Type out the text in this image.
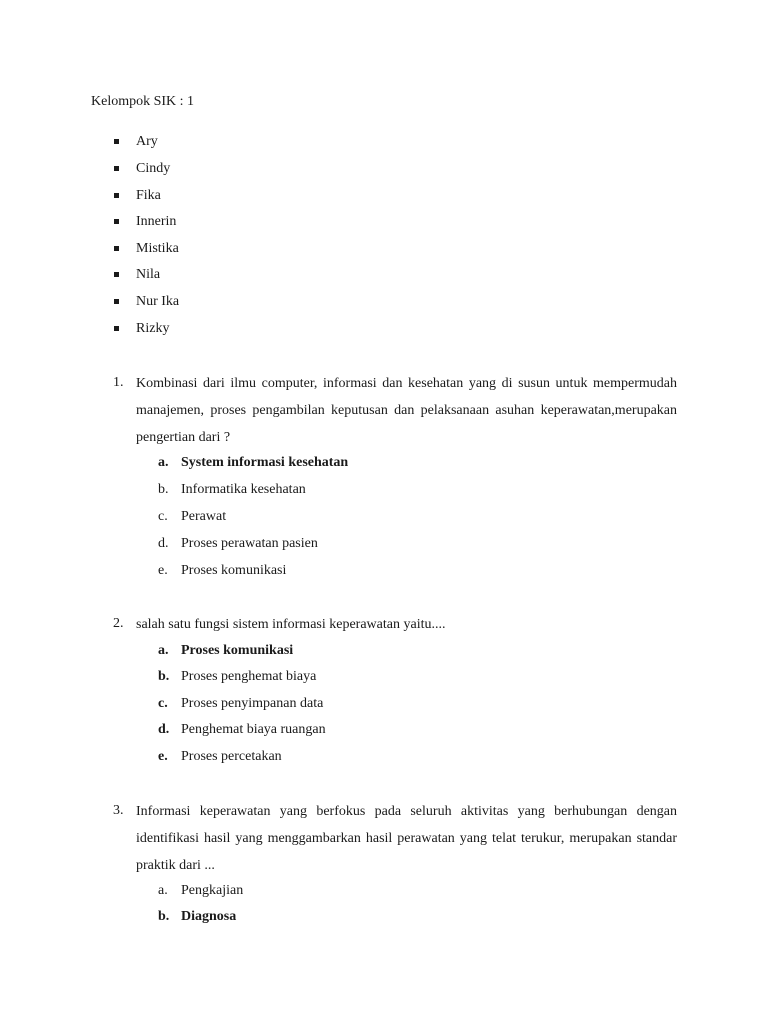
Kelompok SIK : 1
Ary
Cindy
Fika
Innerin
Mistika
Nila
Nur Ika
Rizky
1. Kombinasi dari ilmu computer, informasi dan kesehatan yang di susun untuk mempermudah manajemen, proses pengambilan keputusan dan pelaksanaan asuhan keperawatan,merupakan pengertian dari ?
a. System informasi kesehatan
b. Informatika kesehatan
c. Perawat
d. Proses perawatan pasien
e. Proses komunikasi
2. salah satu fungsi sistem informasi keperawatan yaitu....
a. Proses komunikasi
b. Proses penghemat biaya
c. Proses penyimpanan data
d. Penghemat biaya ruangan
e. Proses percetakan
3. Informasi keperawatan yang berfokus pada seluruh aktivitas yang berhubungan dengan identifikasi hasil yang menggambarkan hasil perawatan yang telat terukur, merupakan standar praktik dari ...
a. Pengkajian
b. Diagnosa
